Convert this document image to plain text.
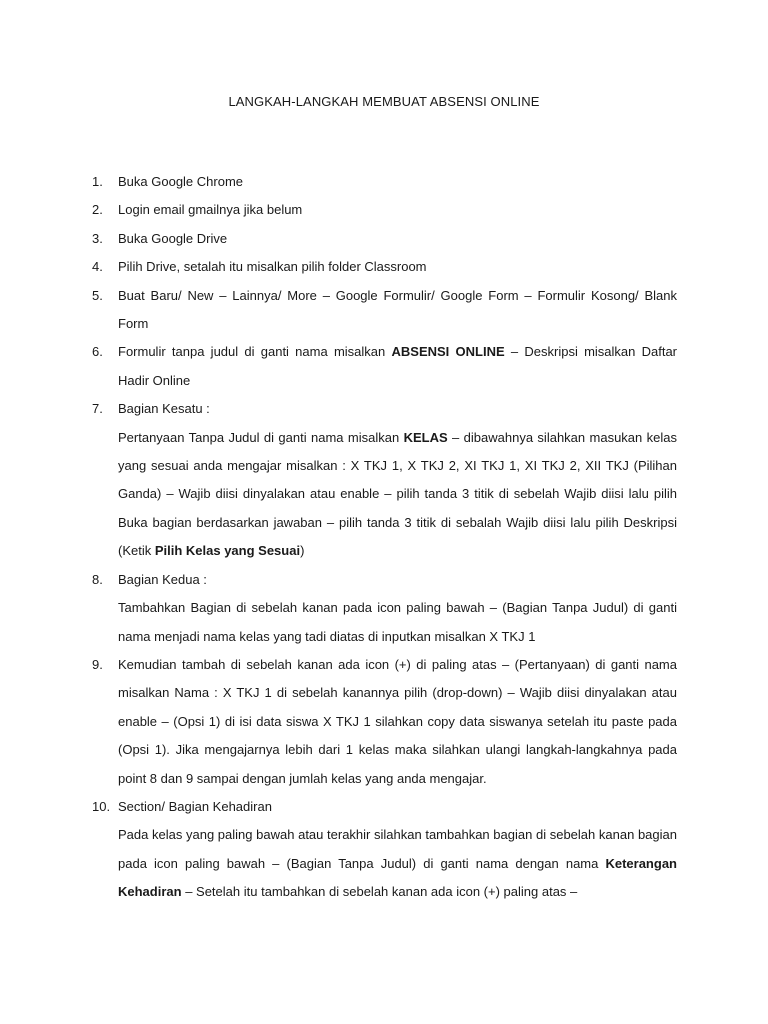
LANGKAH-LANGKAH MEMBUAT ABSENSI ONLINE
1. Buka Google Chrome
2. Login email gmailnya jika belum
3. Buka Google Drive
4. Pilih Drive, setalah itu misalkan pilih folder Classroom
5. Buat Baru/ New – Lainnya/ More – Google Formulir/ Google Form – Formulir Kosong/ Blank Form
6. Formulir tanpa judul di ganti nama misalkan ABSENSI ONLINE – Deskripsi misalkan Daftar Hadir Online
7. Bagian Kesatu :
Pertanyaan Tanpa Judul di ganti nama misalkan KELAS – dibawahnya silahkan masukan kelas yang sesuai anda mengajar misalkan : X TKJ 1, X TKJ 2, XI TKJ 1, XI TKJ 2, XII TKJ (Pilihan Ganda) – Wajib diisi dinyalakan atau enable – pilih tanda 3 titik di sebelah Wajib diisi lalu pilih Buka bagian berdasarkan jawaban – pilih tanda 3 titik di sebalah Wajib diisi lalu pilih Deskripsi (Ketik Pilih Kelas yang Sesuai)
8. Bagian Kedua :
Tambahkan Bagian di sebelah kanan pada icon paling bawah – (Bagian Tanpa Judul) di ganti nama menjadi nama kelas yang tadi diatas di inputkan misalkan X TKJ 1
9. Kemudian tambah di sebelah kanan ada icon (+) di paling atas – (Pertanyaan) di ganti nama misalkan Nama : X TKJ 1 di sebelah kanannya pilih (drop-down) – Wajib diisi dinyalakan atau enable – (Opsi 1) di isi data siswa X TKJ 1 silahkan copy data siswanya setelah itu paste pada (Opsi 1). Jika mengajarnya lebih dari 1 kelas maka silahkan ulangi langkah-langkahnya pada point 8 dan 9 sampai dengan jumlah kelas yang anda mengajar.
10. Section/ Bagian Kehadiran
Pada kelas yang paling bawah atau terakhir silahkan tambahkan bagian di sebelah kanan bagian pada icon paling bawah – (Bagian Tanpa Judul) di ganti nama dengan nama Keterangan Kehadiran – Setelah itu tambahkan di sebelah kanan ada icon (+) paling atas –
